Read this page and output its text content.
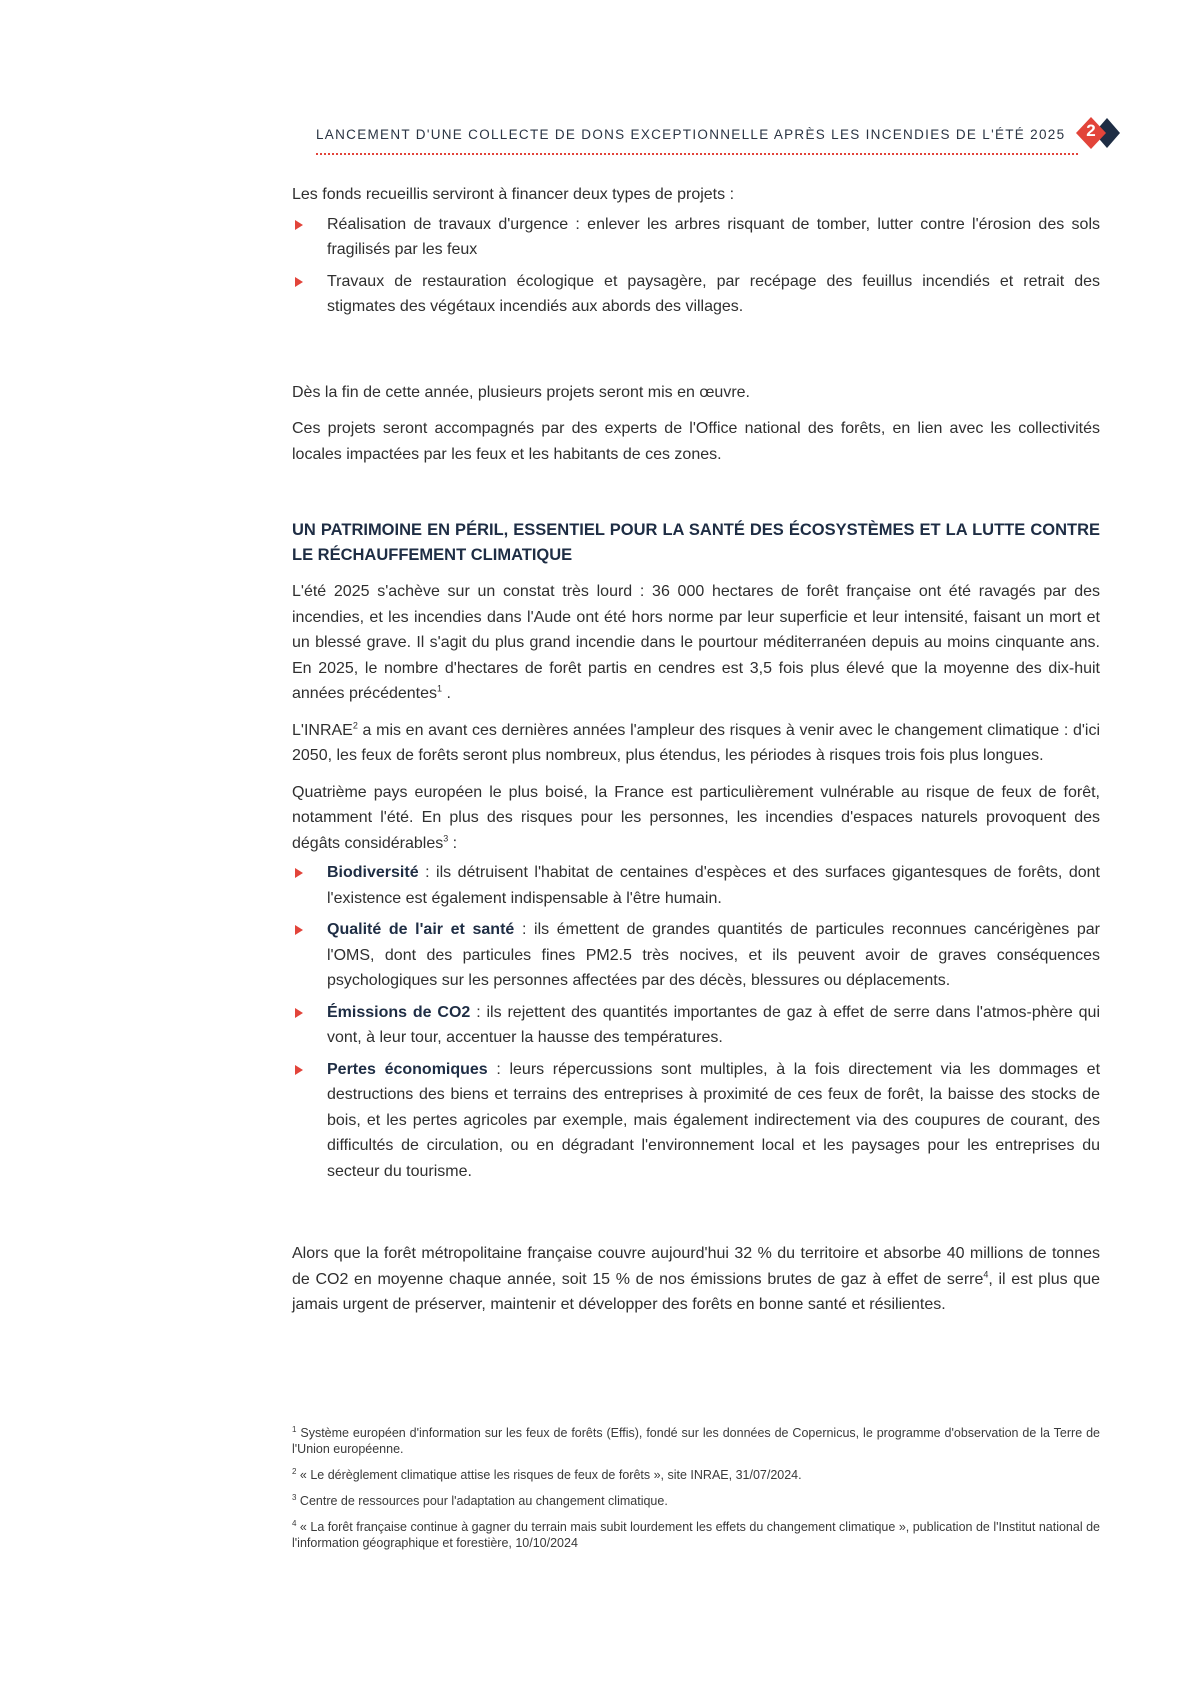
LANCEMENT D'UNE COLLECTE DE DONS EXCEPTIONNELLE APRÈS LES INCENDIES DE L'ÉTÉ 2025	2

Les fonds recueillis serviront à financer deux types de projets :

Réalisation de travaux d'urgence : enlever les arbres risquant de tomber, lutter contre l'érosion des sols fragilisés par les feux
Travaux de restauration écologique et paysagère, par recépage des feuillus incendiés et retrait des stigmates des végétaux incendiés aux abords des villages.

Dès la fin de cette année, plusieurs projets seront mis en œuvre.

Ces projets seront accompagnés par des experts de l'Office national des forêts, en lien avec les collectivités locales impactées par les feux et les habitants de ces zones.

UN PATRIMOINE EN PÉRIL, ESSENTIEL POUR LA SANTÉ DES ÉCOSYSTÈMES ET LA LUTTE CONTRE LE RÉCHAUFFEMENT CLIMATIQUE

L'été 2025 s'achève sur un constat très lourd : 36 000 hectares de forêt française ont été ravagés par des incendies, et les incendies dans l'Aude ont été hors norme par leur superficie et leur intensité, faisant un mort et un blessé grave. Il s'agit du plus grand incendie dans le pourtour méditerranéen depuis au moins cinquante ans. En 2025, le nombre d'hectares de forêt partis en cendres est 3,5 fois plus élevé que la moyenne des dix-huit années précédentes$^1$ .

L'INRAE$^2$ a mis en avant ces dernières années l'ampleur des risques à venir avec le changement climatique : d'ici 2050, les feux de forêts seront plus nombreux, plus étendus, les périodes à risques trois fois plus longues.

Quatrième pays européen le plus boisé, la France est particulièrement vulnérable au risque de feux de forêt, notamment l'été. En plus des risques pour les personnes, les incendies d'espaces naturels provoquent des dégâts considérables$^3$ :

Biodiversité : ils détruisent l'habitat de centaines d'espèces et des surfaces gigantesques de forêts, dont l'existence est également indispensable à l'être humain.
Qualité de l'air et santé : ils émettent de grandes quantités de particules reconnues cancérigènes par l'OMS, dont des particules fines PM2.5 très nocives, et ils peuvent avoir de graves conséquences psychologiques sur les personnes affectées par des décès, blessures ou déplacements.
Émissions de CO2 : ils rejettent des quantités importantes de gaz à effet de serre dans l'atmos-phère qui vont, à leur tour, accentuer la hausse des températures.
Pertes économiques : leurs répercussions sont multiples, à la fois directement via les dommages et destructions des biens et terrains des entreprises à proximité de ces feux de forêt, la baisse des stocks de bois, et les pertes agricoles par exemple, mais également indirectement via des coupures de courant, des difficultés de circulation, ou en dégradant l'environnement local et les paysages pour les entreprises du secteur du tourisme.

Alors que la forêt métropolitaine française couvre aujourd'hui 32 % du territoire et absorbe 40 millions de tonnes de CO2 en moyenne chaque année, soit 15 % de nos émissions brutes de gaz à effet de serre$^4$, il est plus que jamais urgent de préserver, maintenir et développer des forêts en bonne santé et résilientes.

$^1$ Système européen d'information sur les feux de forêts (Effis), fondé sur les données de Copernicus, le programme d'observation de la Terre de l'Union européenne.

$^2$ « Le dérèglement climatique attise les risques de feux de forêts », site INRAE, 31/07/2024.

$^3$ Centre de ressources pour l'adaptation au changement climatique.

$^4$ « La forêt française continue à gagner du terrain mais subit lourdement les effets du changement climatique », publication de l'Institut national de l'information géographique et forestière, 10/10/2024
